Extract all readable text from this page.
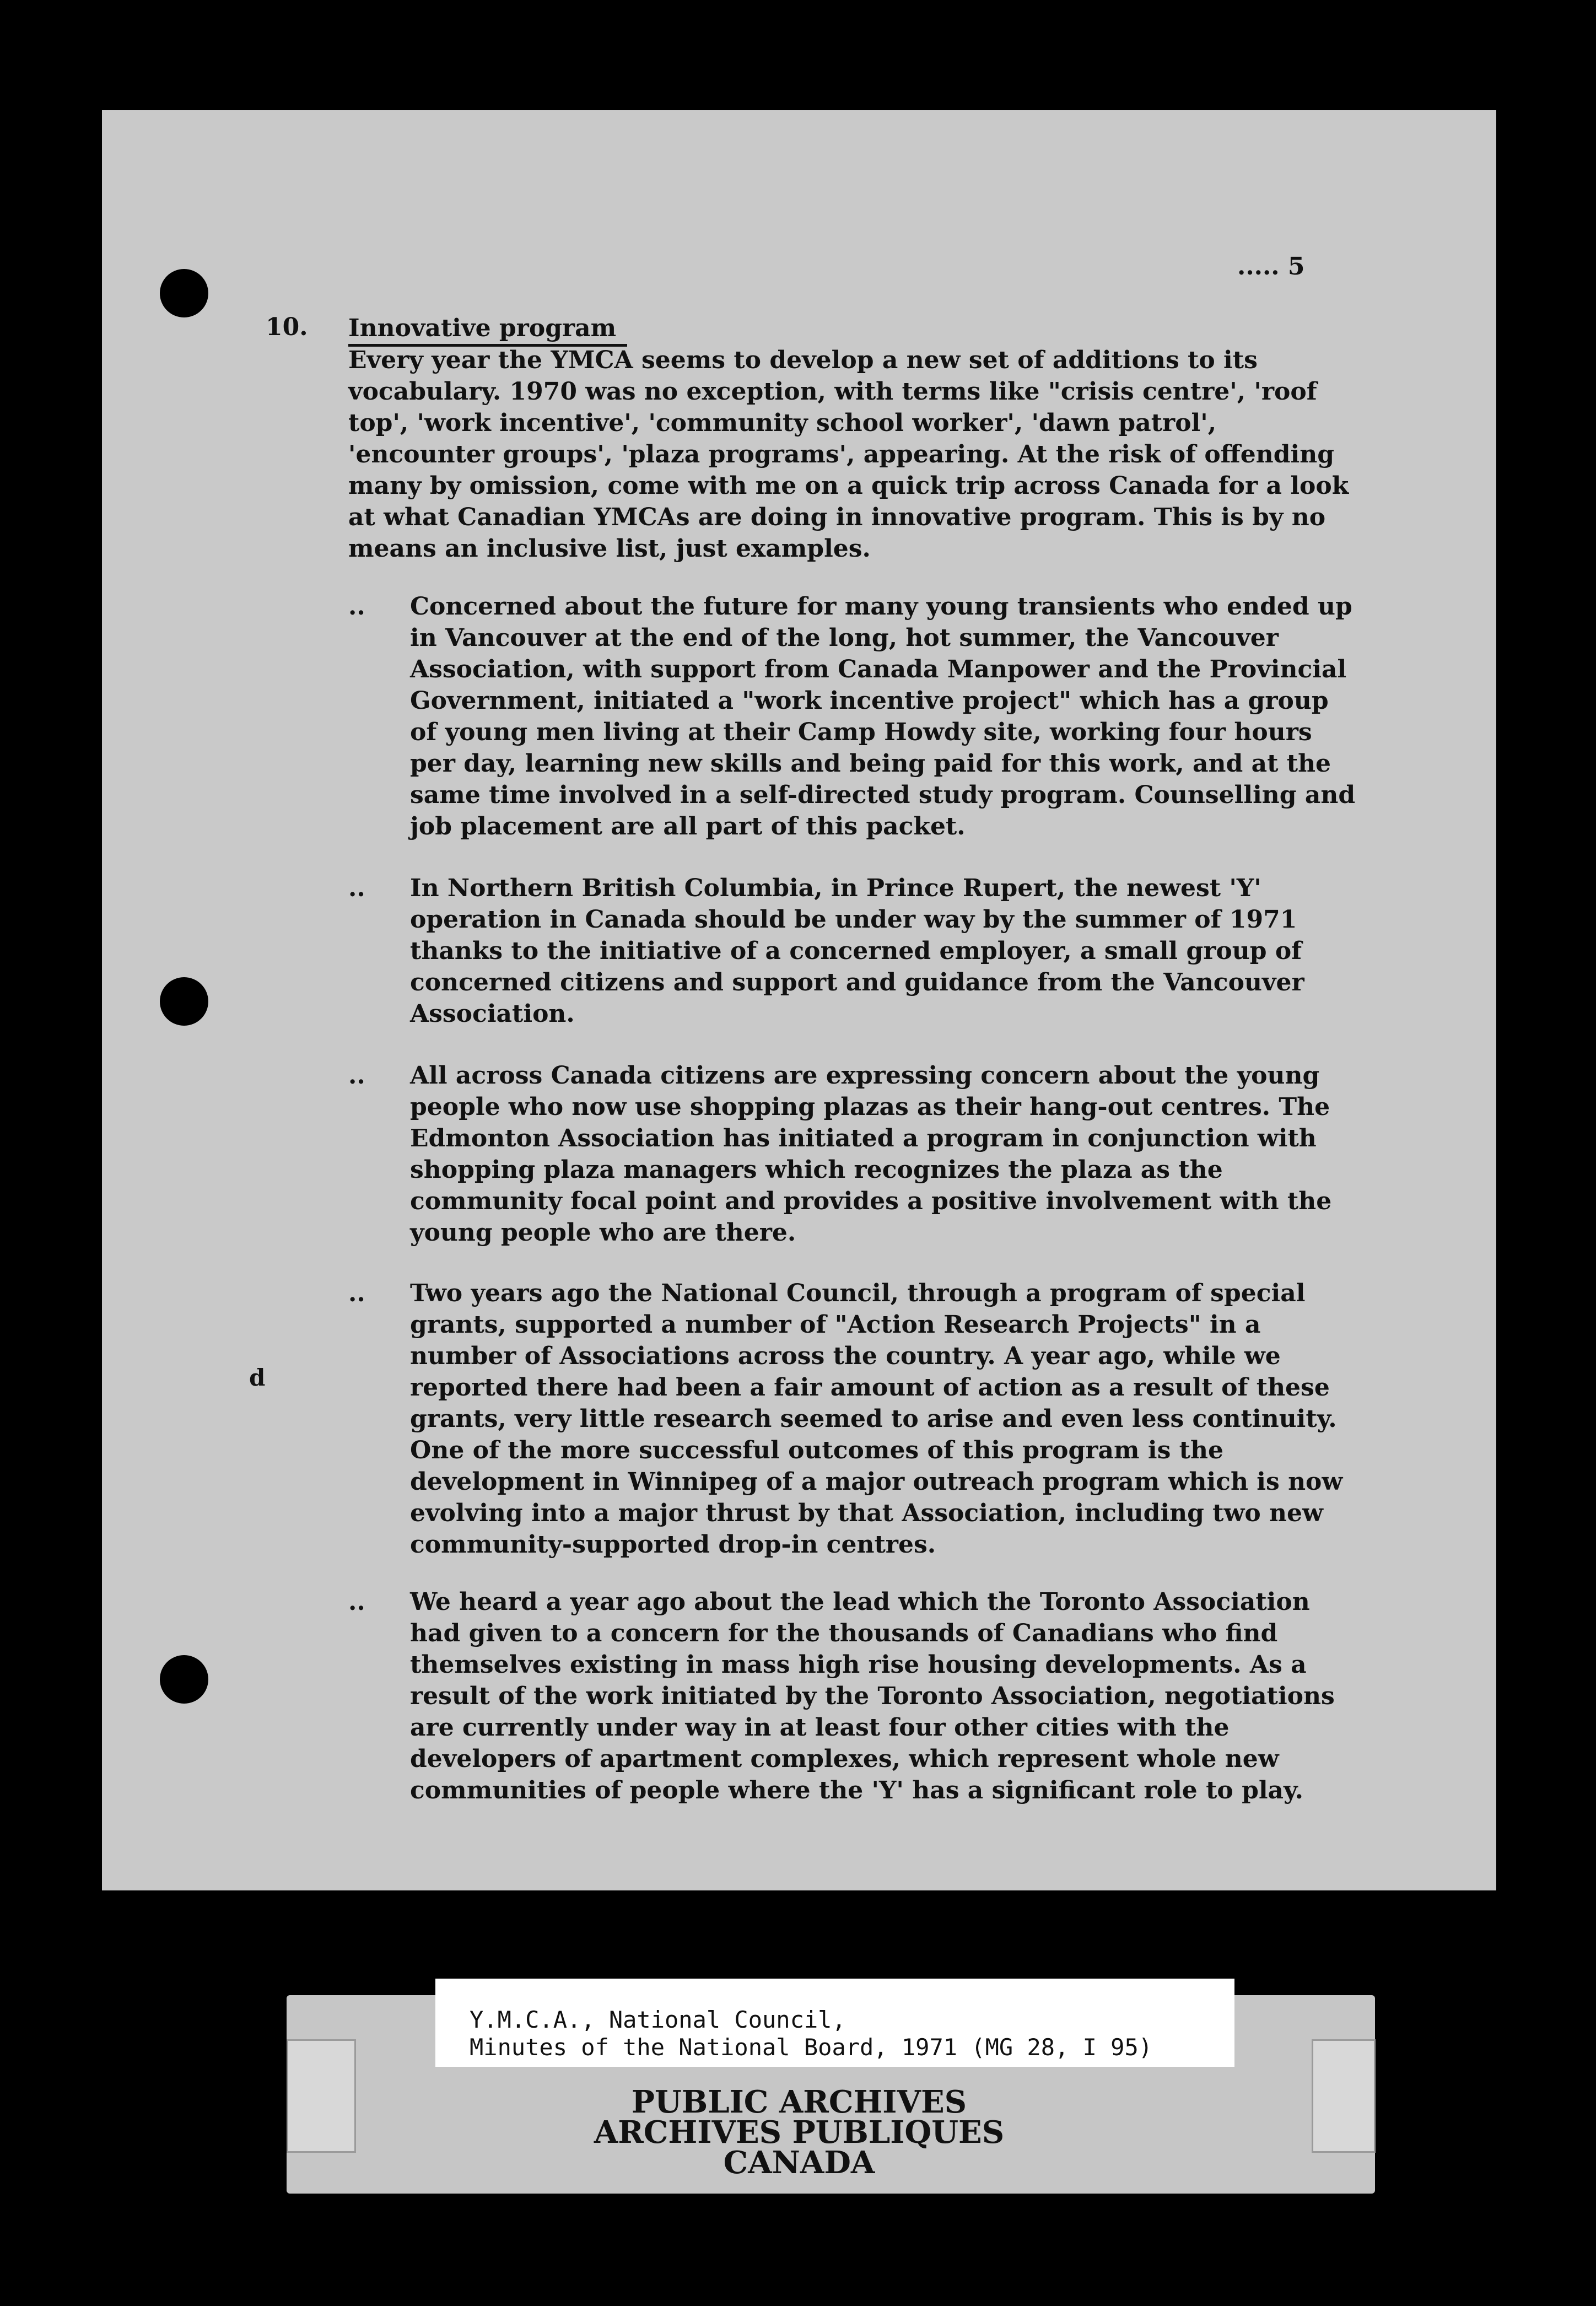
..... 5
10. Innovative program

Every year the YMCA seems to develop a new set of additions to its vocabulary. 1970 was no exception, with terms like "crisis centre', 'roof top', 'work incentive', 'community school worker', 'dawn patrol', 'encounter groups', 'plaza programs', appearing. At the risk of offending many by omission, come with me on a quick trip across Canada for a look at what Canadian YMCAs are doing in innovative program. This is by no means an inclusive list, just examples.

.. Concerned about the future for many young transients who ended up in Vancouver at the end of the long, hot summer, the Vancouver Association, with support from Canada Manpower and the Provincial Government, initiated a "work incentive project" which has a group of young men living at their Camp Howdy site, working four hours per day, learning new skills and being paid for this work, and at the same time involved in a self-directed study program. Counselling and job placement are all part of this packet.

.. In Northern British Columbia, in Prince Rupert, the newest 'Y' operation in Canada should be under way by the summer of 1971 thanks to the initiative of a concerned employer, a small group of concerned citizens and support and guidance from the Vancouver Association.

.. All across Canada citizens are expressing concern about the young people who now use shopping plazas as their hang-out centres. The Edmonton Association has initiated a program in conjunction with shopping plaza managers which recognizes the plaza as the community focal point and provides a positive involvement with the young people who are there.

.. Two years ago the National Council, through a program of special grants, supported a number of "Action Research Projects" in a number of Associations across the country. A year ago, while we reported there had been a fair amount of action as a result of these grants, very little research seemed to arise and even less continuity. One of the more successful outcomes of this program is the development in Winnipeg of a major outreach program which is now evolving into a major thrust by that Association, including two new community-supported drop-in centres.

.. We heard a year ago about the lead which the Toronto Association had given to a concern for the thousands of Canadians who find themselves existing in mass high rise housing developments. As a result of the work initiated by the Toronto Association, negotiations are currently under way in at least four other cities with the developers of apartment complexes, which represent whole new communities of people where the 'Y' has a significant role to play.

d
Y.M.C.A., National Council,
Minutes of the National Board, 1971 (MG 28, I 95)
PUBLIC ARCHIVES
ARCHIVES PUBLIQUES
CANADA
